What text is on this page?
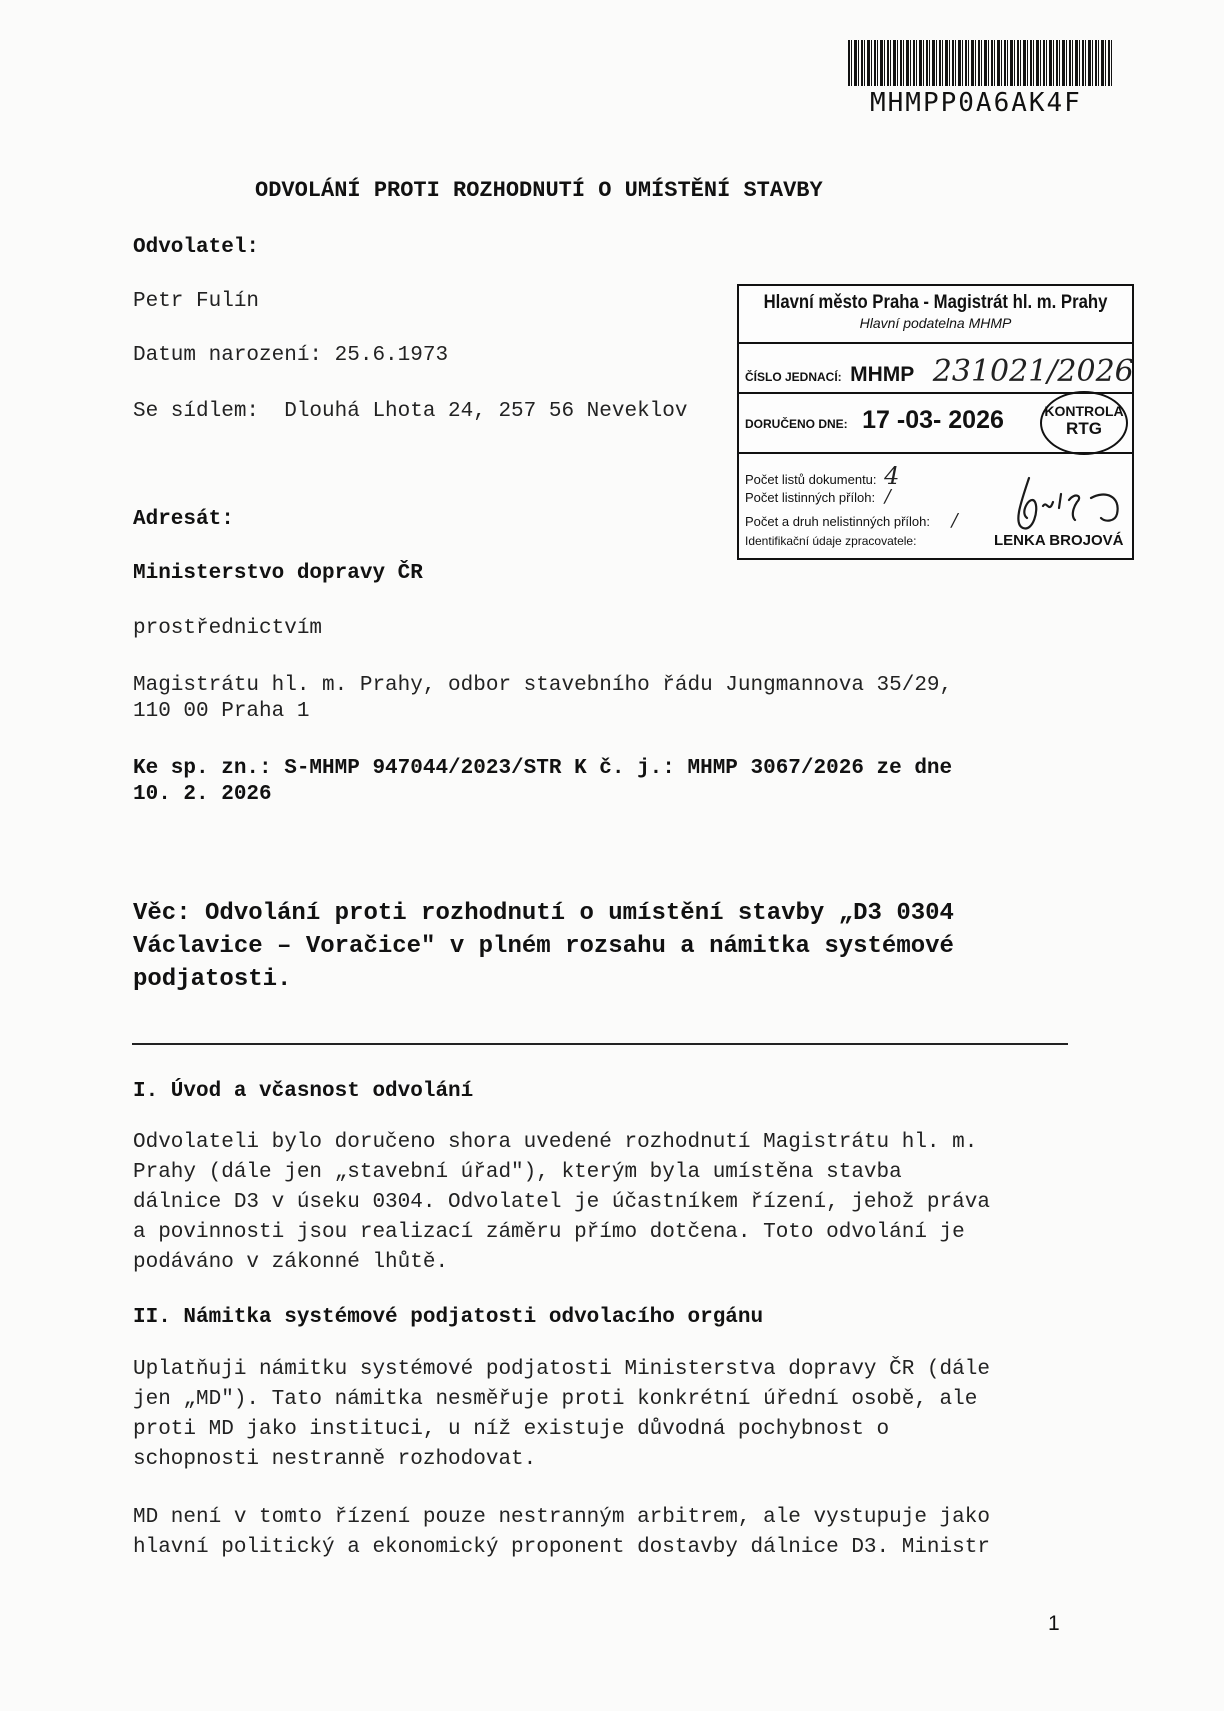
MHMPP0A6AK4F
ODVOLÁNÍ PROTI ROZHODNUTÍ O UMÍSTĚNÍ STAVBY
Odvolatel:
Petr Fulín
Datum narození: 25.6.1973
Se sídlem:  Dlouhá Lhota 24, 257 56 Neveklov
Hlavní město Praha - Magistrát hl. m. Prahy
Hlavní podatelna MHMP
ČÍSLO JEDNACÍ: MHMP 231021/2026
DORUČENO DNE: 17 -03- 2026	KONTROLA
RTG
Počet listů dokumentu: 4
Počet listinných příloh: /
Počet a druh nelistinných příloh: /
Identifikační údaje zpracovatele:	LENKA BROJOVÁ
Adresát:
Ministerstvo dopravy ČR
prostřednictvím
Magistrátu hl. m. Prahy, odbor stavebního řádu Jungmannova 35/29,
110 00 Praha 1
Ke sp. zn.: S-MHMP 947044/2023/STR K č. j.: MHMP 3067/2026 ze dne
10. 2. 2026
Věc: Odvolání proti rozhodnutí o umístění stavby „D3 0304
Václavice – Voračice" v plném rozsahu a námitka systémové
podjatosti.
I. Úvod a včasnost odvolání

Odvolateli bylo doručeno shora uvedené rozhodnutí Magistrátu hl. m.

Prahy (dále jen „stavební úřad"), kterým byla umístěna stavba

dálnice D3 v úseku 0304. Odvolatel je účastníkem řízení, jehož práva

a povinnosti jsou realizací záměru přímo dotčena. Toto odvolání je

podáváno v zákonné lhůtě.

II. Námitka systémové podjatosti odvolacího orgánu

Uplatňuji námitku systémové podjatosti Ministerstva dopravy ČR (dále

jen „MD"). Tato námitka nesměřuje proti konkrétní úřední osobě, ale

proti MD jako instituci, u níž existuje důvodná pochybnost o

schopnosti nestranně rozhodovat.

MD není v tomto řízení pouze nestranným arbitrem, ale vystupuje jako

hlavní politický a ekonomický proponent dostavby dálnice D3. Ministr

1
